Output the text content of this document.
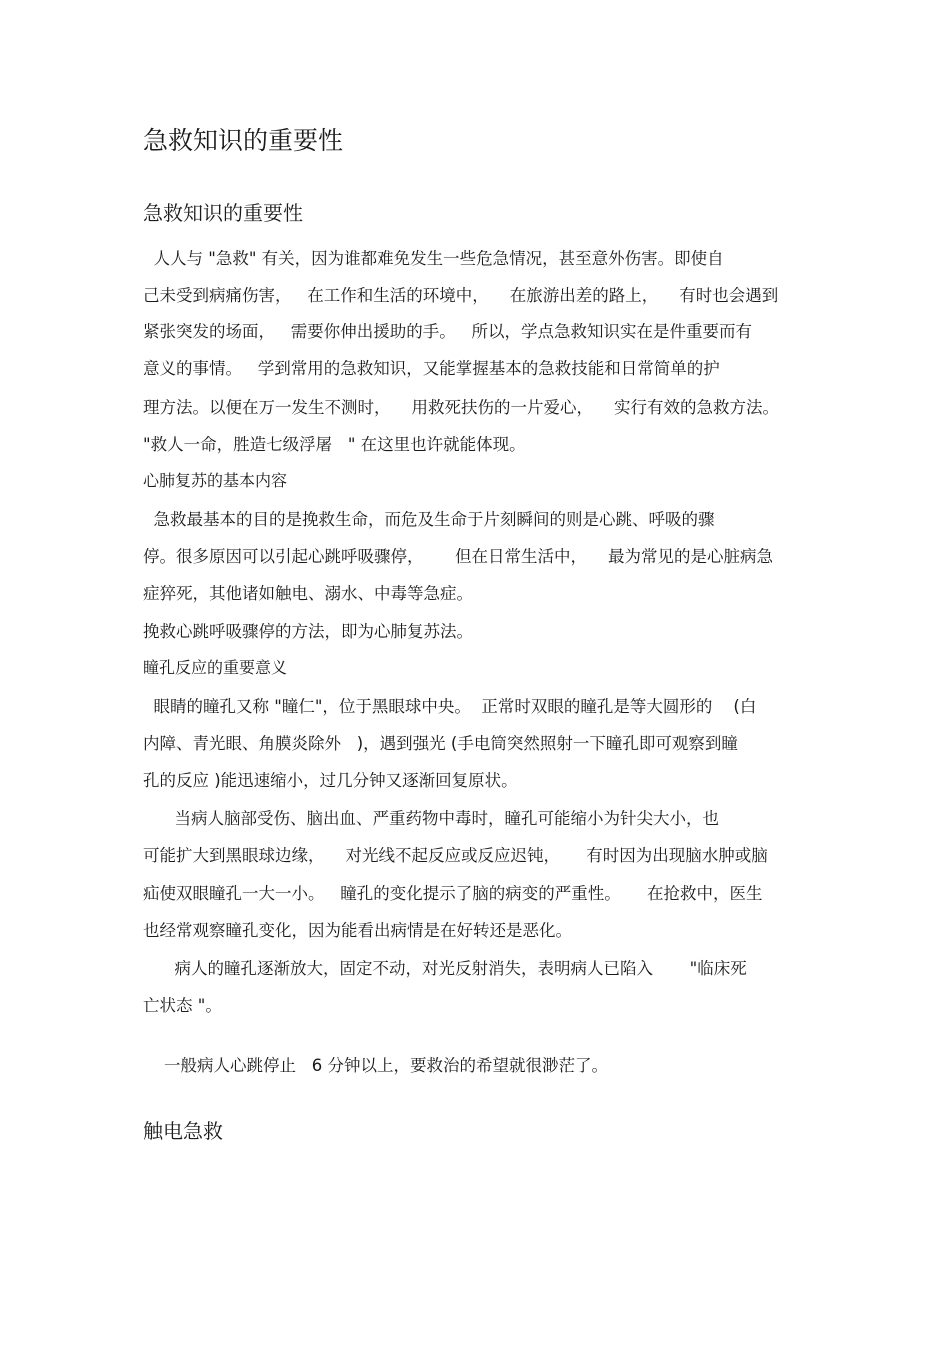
急救知识的重要性
急救知识的重要性
人人与 "急救" 有关，因为谁都难免发生一些危急情况，甚至意外伤害。即使自
己未受到病痛伤害，   在工作和生活的环境中，    在旅游出差的路上，    有时也会遇到
紧张突发的场面，   需要你伸出援助的手。   所以，学点急救知识实在是件重要而有
意义的事情。   学到常用的急救知识，又能掌握基本的急救技能和日常简单的护
理方法。以便在万一发生不测时，    用救死扶伤的一片爱心，    实行有效的急救方法。
"救人一命，胜造七级浮屠   " 在这里也许就能体现。
心肺复苏的基本内容
急救最基本的目的是挽救生命，而危及生命于片刻瞬间的则是心跳、呼吸的骤
停。很多原因可以引起心跳呼吸骤停，      但在日常生活中，    最为常见的是心脏病急
症猝死，其他诸如触电、溺水、中毒等急症。
挽救心跳呼吸骤停的方法，即为心肺复苏法。
瞳孔反应的重要意义
眼睛的瞳孔又称 "瞳仁"，位于黑眼球中央。  正常时双眼的瞳孔是等大圆形的    (白
内障、青光眼、角膜炎除外   )，遇到强光 (手电筒突然照射一下瞳孔即可观察到瞳
孔的反应 )能迅速缩小，过几分钟又逐渐回复原状。
当病人脑部受伤、脑出血、严重药物中毒时，瞳孔可能缩小为针尖大小，也
可能扩大到黑眼球边缘，    对光线不起反应或反应迟钝，     有时因为出现脑水肿或脑
疝使双眼瞳孔一大一小。   瞳孔的变化提示了脑的病变的严重性。     在抢救中，医生
也经常观察瞳孔变化，因为能看出病情是在好转还是恶化。
病人的瞳孔逐渐放大，固定不动，对光反射消失，表明病人已陷入       "临床死
亡状态 "。
一般病人心跳停止   6 分钟以上，要救治的希望就很渺茫了。
触电急救
